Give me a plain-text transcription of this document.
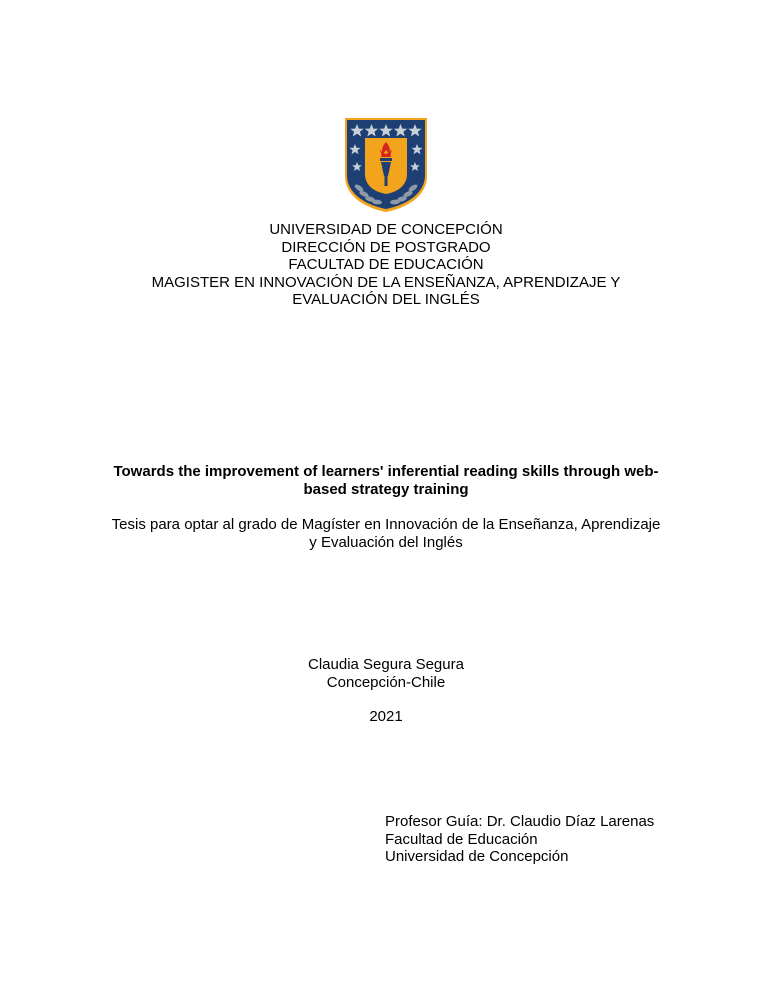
UNIVERSIDAD DE CONCEPCIÓN
DIRECCIÓN DE POSTGRADO
FACULTAD DE EDUCACIÓN
MAGISTER EN INNOVACIÓN DE LA ENSEÑANZA, APRENDIZAJE Y
EVALUACIÓN DEL INGLÉS
Towards the improvement of learners' inferential reading skills through web-
based strategy training
Tesis para optar al grado de Magíster en Innovación de la Enseñanza, Aprendizaje
y Evaluación del Inglés
Claudia Segura Segura
Concepción-Chile
2021
Profesor Guía: Dr. Claudio Díaz Larenas
Facultad de Educación
Universidad de Concepción
